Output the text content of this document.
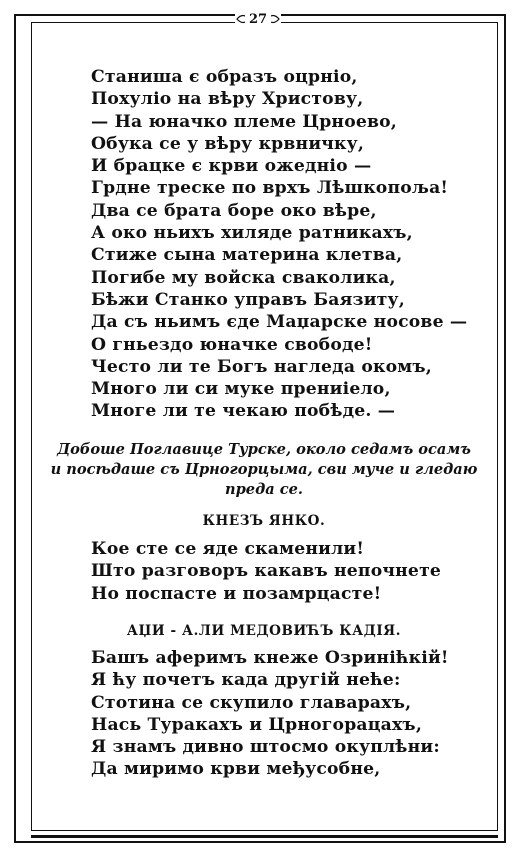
27
Станиша є образъ оцрніо,
Похуліо на вѣру Христову,
— На юначко племе Црноево,
Обука се у вѣру крвничку,
И брацке є крви ожедніо —
Грдне треске по врхъ Лѣшкопоља!
Два се брата боре око вѣре,
А око ньихъ хиляде ратникахъ,
Стиже сына материна клетва,
Погибе му войска сваколика,
Бѣжи Станко управъ Баязиту,
Да съ ньимъ єде Маџарске носове —
О гньездо юначке свободе!
Често ли те Богъ нагледа окомъ,
Много ли си муке прениіело,
Многе ли те чекаю побѣде. —
Добоше Поглавице Турске, около седамъ осамъ
и посѣдаше съ Црногорцыма, сви муче и гледаю
преда се.
КНЕЗЪ ЯНКО.
Кое сте се яде скаменили!
Што разговоръ какавъ непочнете
Но поспасте и позамрцасте!
АЏИ - А.ЛИ МЕДОВИЋЪ КАДІЯ.
Башъ аферимъ кнеже Озриніћкій!
Я ћу почетъ када другій неће:
Стотина се скупило главарахъ,
Нась Туракахъ и Црногорацахъ,
Я знамъ дивно штосмо окуплѣни:
Да миримо крви међусобне,
